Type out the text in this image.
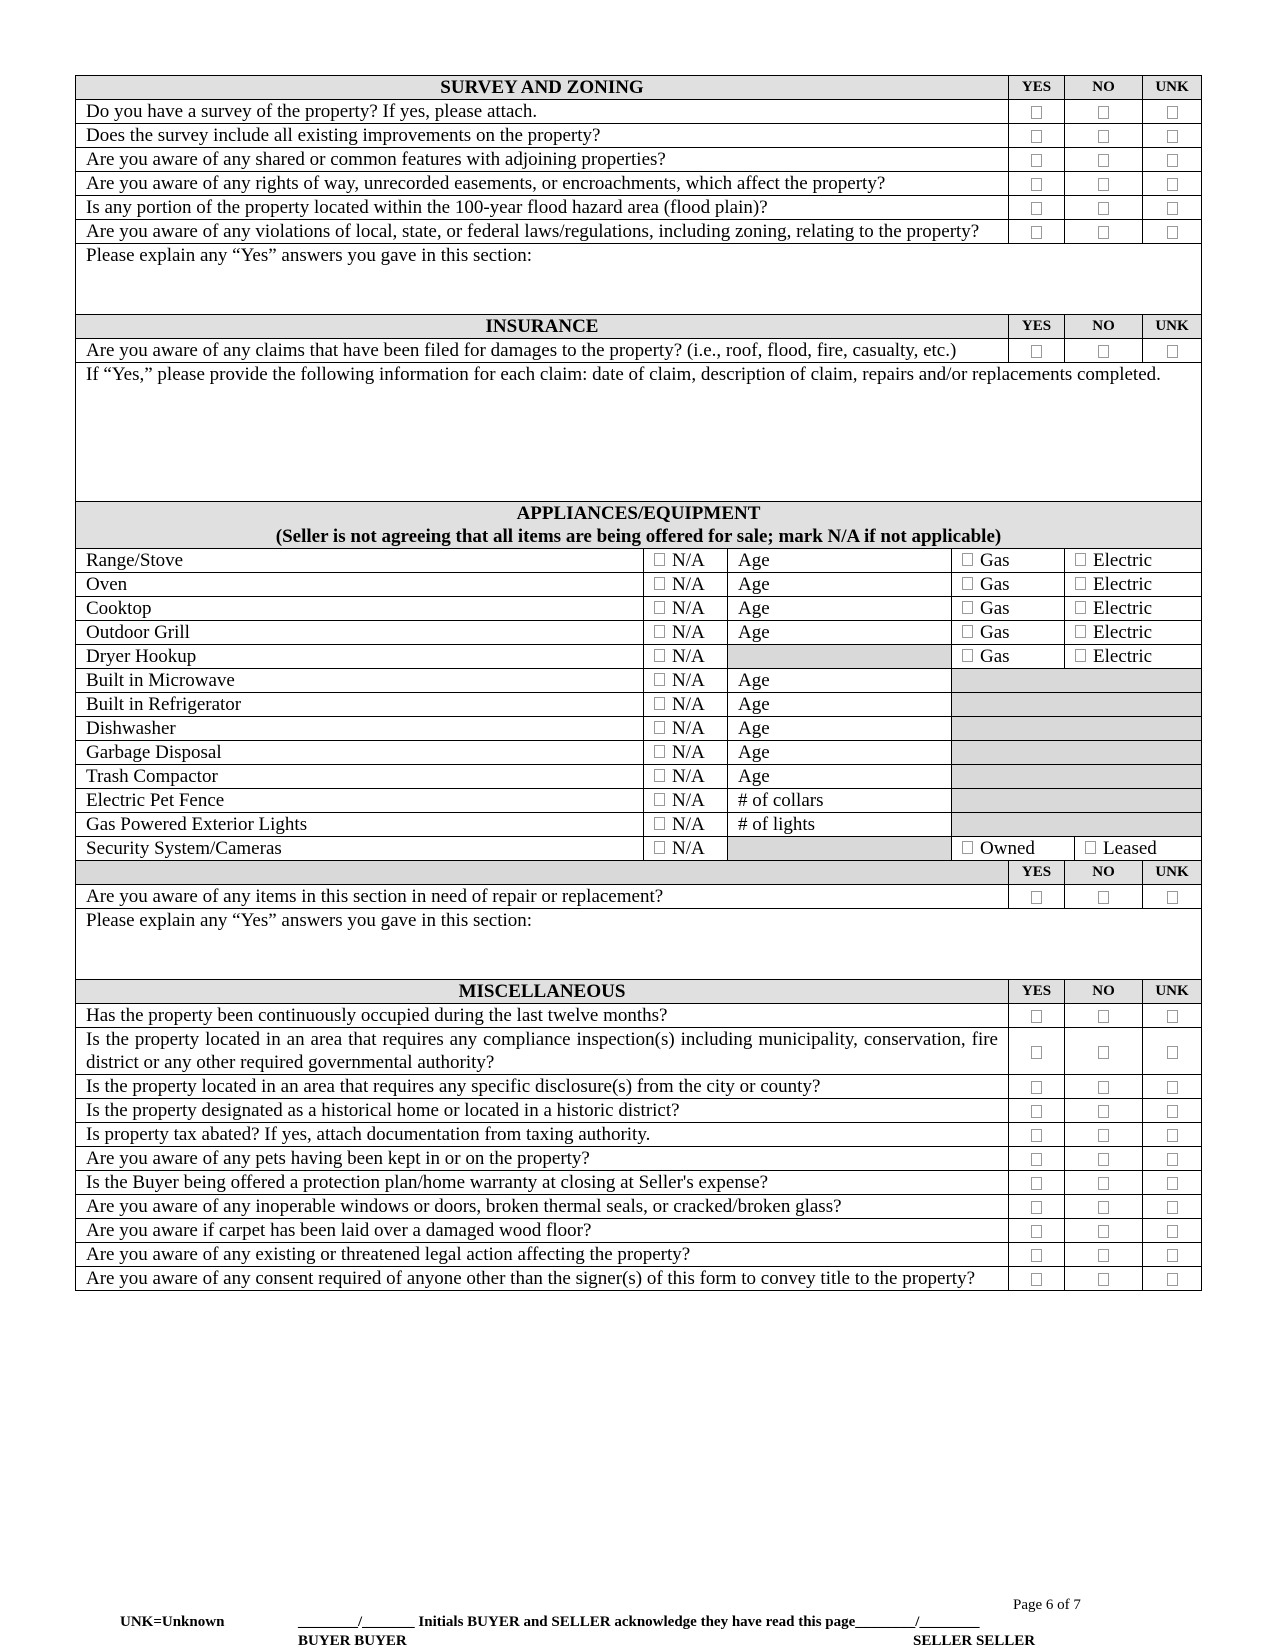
SURVEY AND ZONING				YES	NO		UNK
Do you have a survey of the property? If yes, please attach.							
Does the survey include all existing improvements on the property?							
Are you aware of any shared or common features with adjoining properties?							
Are you aware of any rights of way, unrecorded easements, or encroachments, which affect the property?							
Is any portion of the property located within the 100-year flood hazard area (flood plain)?							
Are you aware of any violations of local, state, or federal laws/regulations, including zoning, relating to the property?							
Please explain any “Yes” answers you gave in this section:							
INSURANCE				YES	NO		UNK
Are you aware of any claims that have been filed for damages to the property? (i.e., roof, flood, fire, casualty, etc.)							
If “Yes,” please provide the following information for each claim: date of claim, description of claim, repairs and/or replacements completed.							

APPLIANCES/EQUIPMENT
(Seller is not agreeing that all items are being offered for sale; mark N/A if not applicable)							

Range/Stove	N/A	Age	Gas		Electric		
Oven	N/A	Age	Gas		Electric		
Cooktop	N/A	Age	Gas		Electric		
Outdoor Grill	N/A	Age	Gas		Electric		
Dryer Hookup	N/A		Gas		Electric		
Built in Microwave	N/A	Age					
Built in Refrigerator	N/A	Age					
Dishwasher	N/A	Age					
Garbage Disposal	N/A	Age					
Trash Compactor	N/A	Age					
Electric Pet Fence	N/A	# of collars					
Gas Powered Exterior Lights	N/A	# of lights					
Security System/Cameras	N/A		Owned			Leased	
				YES	NO		UNK
Are you aware of any items in this section in need of repair or replacement?							
Please explain any “Yes” answers you gave in this section:							
MISCELLANEOUS				YES	NO		UNK
Has the property been continuously occupied during the last twelve months?							
Is the property located in an area that requires any compliance inspection(s) including municipality, conservation, fire district or any other required governmental authority?							
Is the property located in an area that requires any specific disclosure(s) from the city or county?							
Is the property designated as a historical home or located in a historic district?							
Is property tax abated? If yes, attach documentation from taxing authority.							
Are you aware of any pets having been kept in or on the property?							
Is the Buyer being offered a protection plan/home warranty at closing at Seller's expense?							
Are you aware of any inoperable windows or doors, broken thermal seals, or cracked/broken glass?							
Are you aware if carpet has been laid over a damaged wood floor?							
Are you aware of any existing or threatened legal action affecting the property?							
Are you aware of any consent required of anyone other than the signer(s) of this form to convey title to the property?							
Page 6 of 7
UNK=Unknown	________/_______ Initials BUYER and SELLER acknowledge they have read this page________/________
BUYER BUYER	SELLER SELLER
